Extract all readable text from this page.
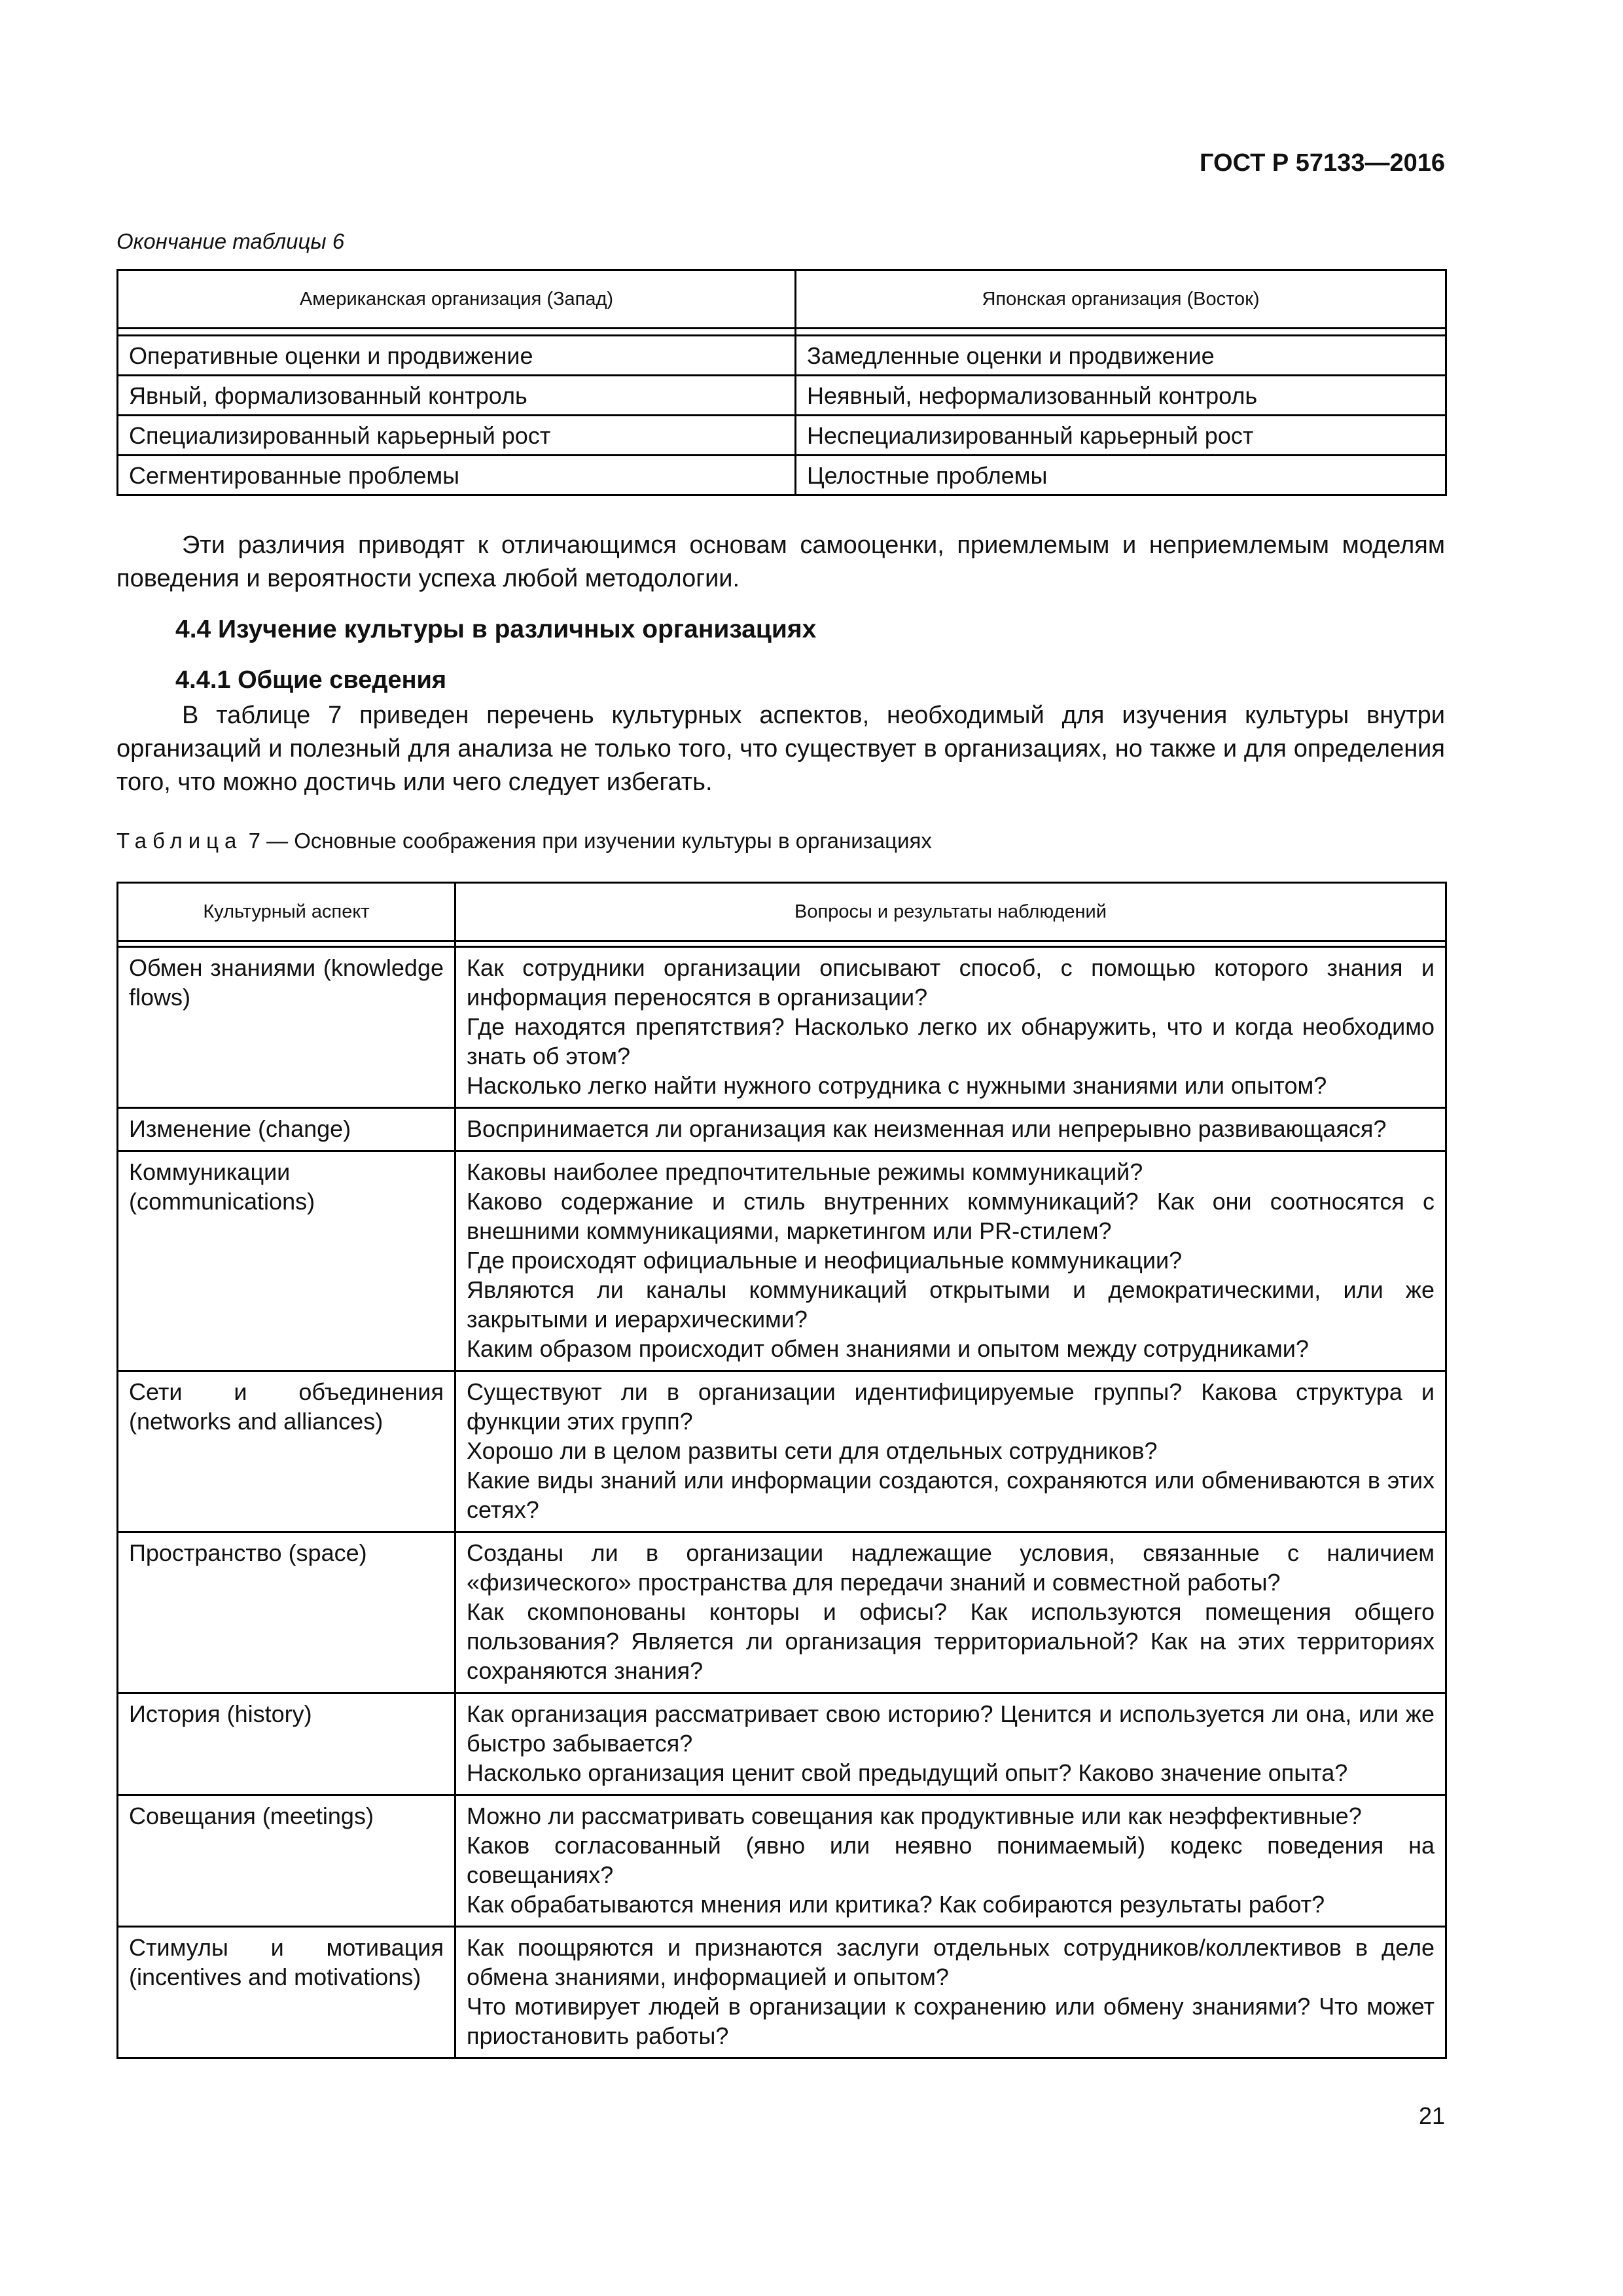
ГОСТ Р 57133—2016
Окончание таблицы 6
Американская организация (Запад)	Японская организация (Восток)

Оперативные оценки и продвижение	Замедленные оценки и продвижение
Явный, формализованный контроль	Неявный, неформализованный контроль
Специализированный карьерный рост	Неспециализированный карьерный рост
Сегментированные проблемы	Целостные проблемы
Эти различия приводят к отличающимся основам самооценки, приемлемым и неприемлемым моделям поведения и вероятности успеха любой методологии.
4.4 Изучение культуры в различных организациях
4.4.1 Общие сведения
В таблице 7 приведен перечень культурных аспектов, необходимый для изучения культуры внутри организаций и полезный для анализа не только того, что существует в организациях, но также и для определения того, что можно достичь или чего следует избегать.
Таблица 7 — Основные соображения при изучении культуры в организациях
Культурный аспект	Вопросы и результаты наблюдений

Обмен знаниями (knowledge flows)	Как сотрудники организации описывают способ, с помощью которого знания и информация переносятся в организации?
Где находятся препятствия? Насколько легко их обнаружить, что и когда необходимо знать об этом?
Насколько легко найти нужного сотрудника с нужными знаниями или опытом?

Изменение (change)	Воспринимается ли организация как неизменная или непрерывно развивающаяся?

Коммуникации (communications)	Каковы наиболее предпочтительные режимы коммуникаций?
Каково содержание и стиль внутренних коммуникаций? Как они соотносятся с внешними коммуникациями, маркетингом или PR-стилем?
Где происходят официальные и неофициальные коммуникации?
Являются ли каналы коммуникаций открытыми и демократическими, или же закрытыми и иерархическими?
Каким образом происходит обмен знаниями и опытом между сотрудниками?

Сети и объединения (networks and alliances)	Существуют ли в организации идентифицируемые группы? Какова структура и функции этих групп?
Хорошо ли в целом развиты сети для отдельных сотрудников?
Какие виды знаний или информации создаются, сохраняются или обмениваются в этих сетях?

Пространство (space)	Созданы ли в организации надлежащие условия, связанные с наличием «физического» пространства для передачи знаний и совместной работы?
Как скомпонованы конторы и офисы? Как используются помещения общего пользования? Является ли организация территориальной? Как на этих территориях сохраняются знания?

История (history)	Как организация рассматривает свою историю? Ценится и используется ли она, или же быстро забывается?
Насколько организация ценит свой предыдущий опыт? Каково значение опыта?

Совещания (meetings)	Можно ли рассматривать совещания как продуктивные или как неэффективные?
Каков согласованный (явно или неявно понимаемый) кодекс поведения на совещаниях?
Как обрабатываются мнения или критика? Как собираются результаты работ?

Стимулы и мотивация (incentives and motivations)	Как поощряются и признаются заслуги отдельных сотрудников/коллективов в деле обмена знаниями, информацией и опытом?
Что мотивирует людей в организации к сохранению или обмену знаниями? Что может приостановить работы?
21
